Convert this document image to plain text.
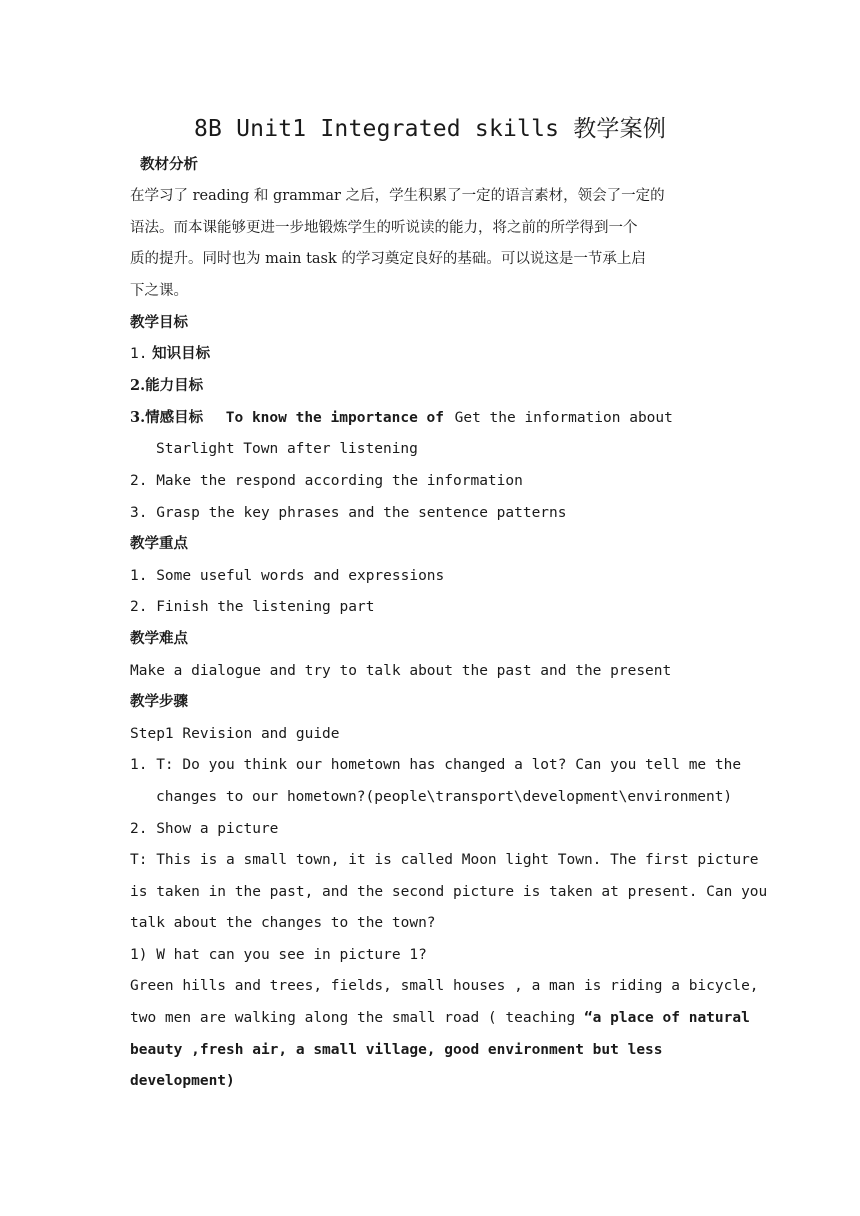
8B Unit1 Integrated skills 教学案例
教材分析
在学习了 reading 和 grammar 之后，学生积累了一定的语言素材，领会了一定的
语法。而本课能够更进一步地锻炼学生的听说读的能力，将之前的所学得到一个
质的提升。同时也为 main task 的学习奠定良好的基础。可以说这是一节承上启
下之课。
教学目标
1. 知识目标
2.能力目标
3.情感目标 To know the importance of Get the information about
Starlight Town after listening
2. Make the respond according the information
3. Grasp the key phrases and the sentence patterns
教学重点
1. Some useful words and expressions
2. Finish the listening part
教学难点
Make a dialogue and try to talk about the past and the present
教学步骤
Step1 Revision and guide
1. T: Do you think our hometown has changed a lot? Can you tell me the
changes to our hometown?(people\transport\development\environment)
2. Show a picture
T: This is a small town, it is called Moon light Town. The first picture
is taken in the past, and the second picture is taken at present. Can you
talk about the changes to the town?
1) W hat can you see in picture 1?
Green hills and trees, fields, small houses , a man is riding a bicycle,
two men are walking along the small road ( teaching “a place of natural
beauty ,fresh air, a small village, good environment but less
development)
